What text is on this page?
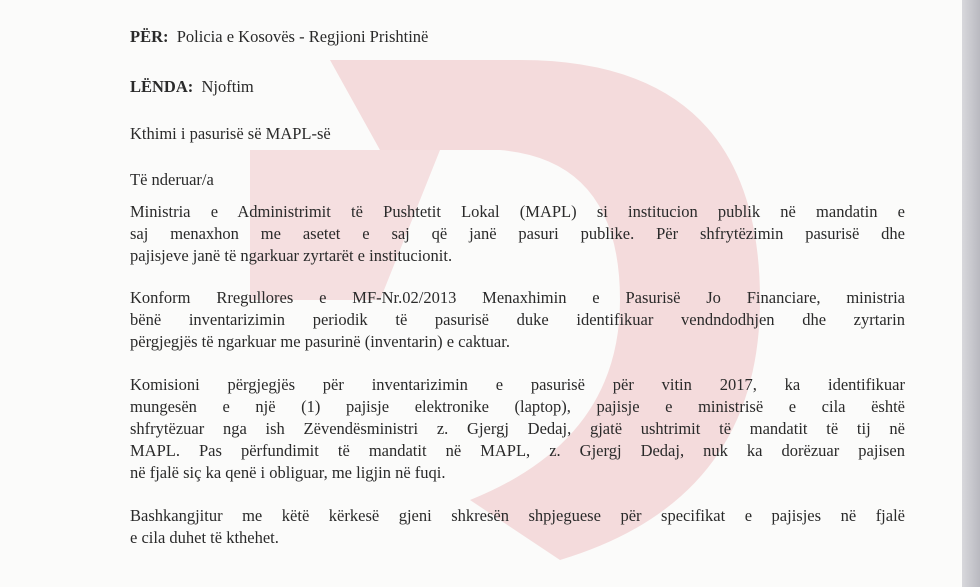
PËR: Policia e Kosovës - Regjioni Prishtinë
LËNDA: Njoftim
Kthimi i pasurisë së MAPL-së
Të nderuar/a
Ministria e Administrimit të Pushtetit Lokal (MAPL) si institucion publik në mandatin e
saj menaxhon me asetet e saj që janë pasuri publike. Për shfrytëzimin pasurisë dhe
pajisjeve janë të ngarkuar zyrtarët e institucionit.
Konform Rregullores e MF-Nr.02/2013 Menaxhimin e Pasurisë Jo Financiare, ministria
bënë inventarizimin periodik të pasurisë duke identifikuar vendndodhjen dhe zyrtarin
përgjegjës të ngarkuar me pasurinë (inventarin) e caktuar.
Komisioni përgjegjës për inventarizimin e pasurisë për vitin 2017, ka identifikuar
mungesën e një (1) pajisje elektronike (laptop), pajisje e ministrisë e cila është
shfrytëzuar nga ish Zëvendësministri z. Gjergj Dedaj, gjatë ushtrimit të mandatit të tij në
MAPL. Pas përfundimit të mandatit në MAPL, z. Gjergj Dedaj, nuk ka dorëzuar pajisen
në fjalë siç ka qenë i obliguar, me ligjin në fuqi.
Bashkangjitur me këtë kërkesë gjeni shkresën shpjeguese për specifikat e pajisjes në fjalë
e cila duhet të kthehet.
